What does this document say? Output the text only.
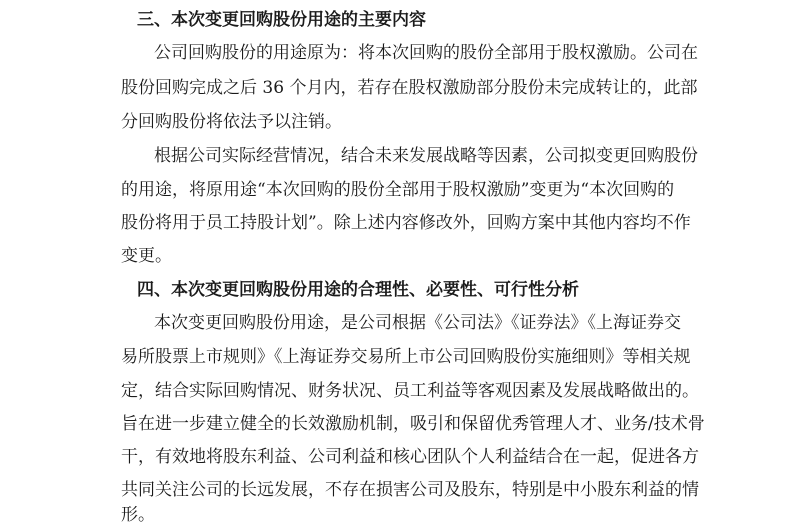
三、本次变更回购股份用途的主要内容
公司回购股份的用途原为：将本次回购的股份全部用于股权激励。公司在
股份回购完成之后 36 个月内，若存在股权激励部分股份未完成转让的，此部
分回购股份将依法予以注销。
根据公司实际经营情况，结合未来发展战略等因素，公司拟变更回购股份
的用途，将原用途“本次回购的股份全部用于股权激励”变更为“本次回购的
股份将用于员工持股计划”。除上述内容修改外，回购方案中其他内容均不作
变更。
四、本次变更回购股份用途的合理性、必要性、可行性分析
本次变更回购股份用途，是公司根据《公司法》《证券法》《上海证券交
易所股票上市规则》《上海证券交易所上市公司回购股份实施细则》等相关规
定，结合实际回购情况、财务状况、员工利益等客观因素及发展战略做出的。
旨在进一步建立健全的长效激励机制，吸引和保留优秀管理人才、业务/技术骨
干，有效地将股东利益、公司利益和核心团队个人利益结合在一起，促进各方
共同关注公司的长远发展，不存在损害公司及股东，特别是中小股东利益的情
形。
